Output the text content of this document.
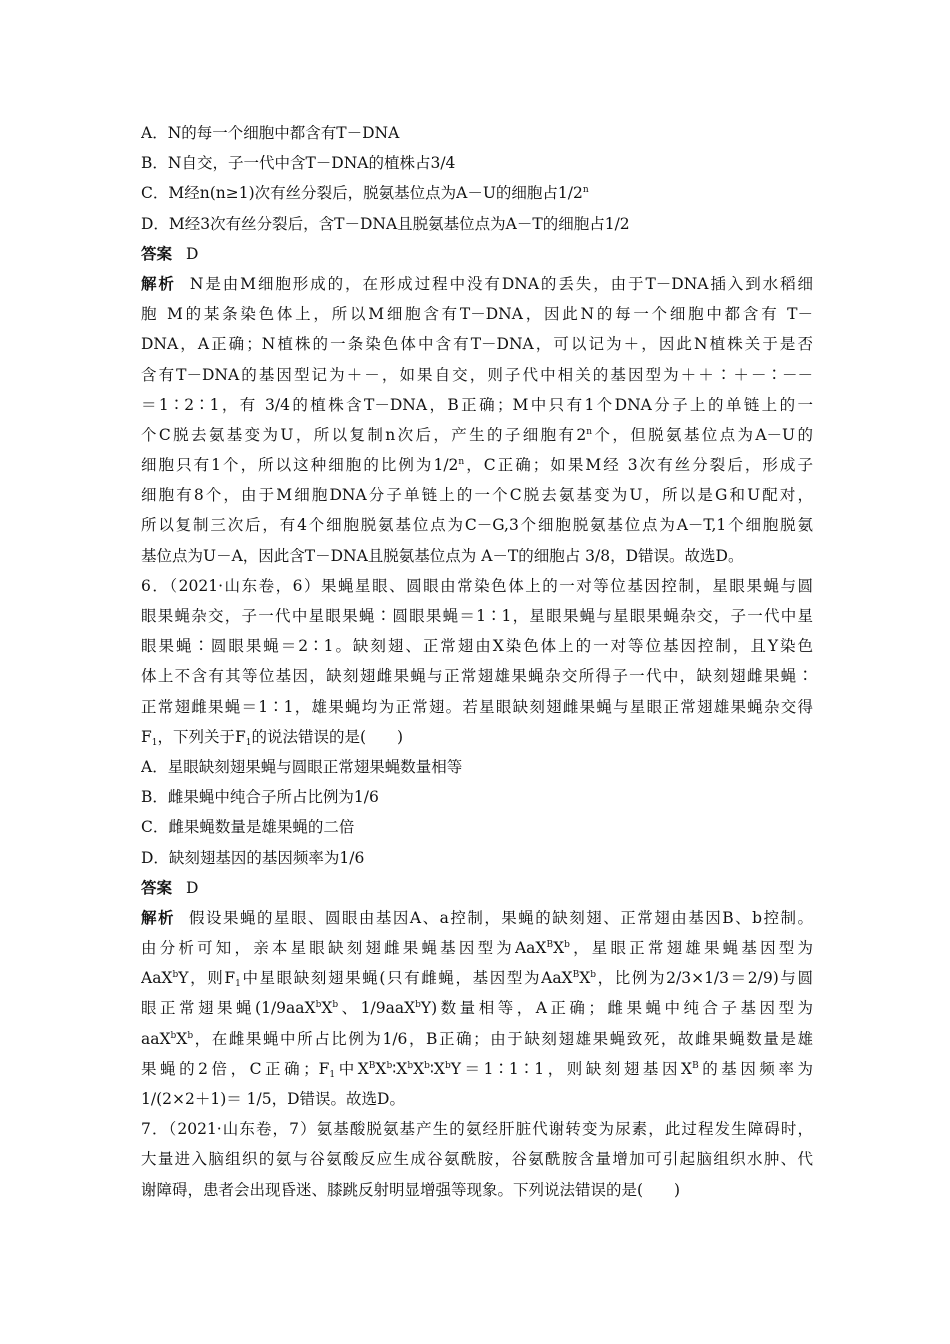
A．N的每一个细胞中都含有T－DNA
B．N自交，子一代中含T－DNA的植株占3/4
C．M经n(n≥1)次有丝分裂后，脱氨基位点为A－U的细胞占1/2$^n$
D．M经3次有丝分裂后，含T－DNA且脱氨基位点为A－T的细胞占1/2
答案 D
解析 N是由M细胞形成的，在形成过程中没有DNA的丢失，由于T－DNA插入到水稻细
胞 M的某条染色体上，所以M细胞含有T－DNA，因此N的每一个细胞中都含有 T－
DNA，A正确；N植株的一条染色体中含有T－DNA，可以记为＋，因此N植株关于是否
含有T－DNA的基因型记为＋－，如果自交，则子代中相关的基因型为＋＋∶＋－∶－－
＝1∶2∶1，有 3/4的植株含T－DNA，B正确；M中只有1个DNA分子上的单链上的一
个C脱去氨基变为U，所以复制n次后，产生的子细胞有2$^n$个，但脱氨基位点为A－U的
细胞只有1个，所以这种细胞的比例为1/2$^n$，C正确；如果M经 3次有丝分裂后，形成子
细胞有8个，由于M细胞DNA分子单链上的一个C脱去氨基变为U，所以是G和U配对，
所以复制三次后，有4个细胞脱氨基位点为C－G,3个细胞脱氨基位点为A－T,1个细胞脱氨
基位点为U－A，因此含T－DNA且脱氨基位点为 A－T的细胞占 3/8，D错误。故选D。
6．（2021·山东卷，6）果蝇星眼、圆眼由常染色体上的一对等位基因控制，星眼果蝇与圆
眼果蝇杂交，子一代中星眼果蝇∶圆眼果蝇＝1∶1，星眼果蝇与星眼果蝇杂交，子一代中星
眼果蝇∶圆眼果蝇＝2∶1。缺刻翅、正常翅由X染色体上的一对等位基因控制，且Y染色
体上不含有其等位基因，缺刻翅雌果蝇与正常翅雄果蝇杂交所得子一代中，缺刻翅雌果蝇∶
正常翅雌果蝇＝1∶1，雄果蝇均为正常翅。若星眼缺刻翅雌果蝇与星眼正常翅雄果蝇杂交得
$F_1$，下列关于$F_1$的说法错误的是(　　)
A．星眼缺刻翅果蝇与圆眼正常翅果蝇数量相等
B．雌果蝇中纯合子所占比例为1/6
C．雌果蝇数量是雄果蝇的二倍
D．缺刻翅基因的基因频率为1/6
答案 D
解析 假设果蝇的星眼、圆眼由基因A、a控制，果蝇的缺刻翅、正常翅由基因B、b控制。
由分析可知，亲本星眼缺刻翅雌果蝇基因型为$AaX^BX^b$，星眼正常翅雄果蝇基因型为
AaX$^b$Y，则$F_1$中星眼缺刻翅果蝇(只有雌蝇，基因型为$AaX^BX^b$，比例为2/3×1/3＝2/9)与圆
眼正常翅果蝇($1/9aaX^bX^b$、1/9aaX$^b$Y)数量相等，A正确；雌果蝇中纯合子基因型为
$aaX^bX^b$，在雌果蝇中所占比例为1/6，B正确；由于缺刻翅雄果蝇致死，故雌果蝇数量是雄
果蝇的2倍，C正确；$F_1$中$X^BX^b∶X^bX^b∶X^bY=1∶1∶1$，则缺刻翅基因$X^B$的基因频率为
1/(2×2＋1)＝ 1/5，D错误。故选D。
7．（2021·山东卷，7）氨基酸脱氨基产生的氨经肝脏代谢转变为尿素，此过程发生障碍时，
大量进入脑组织的氨与谷氨酸反应生成谷氨酰胺，谷氨酰胺含量增加可引起脑组织水肿、代
谢障碍，患者会出现昏迷、膝跳反射明显增强等现象。下列说法错误的是(　　)
